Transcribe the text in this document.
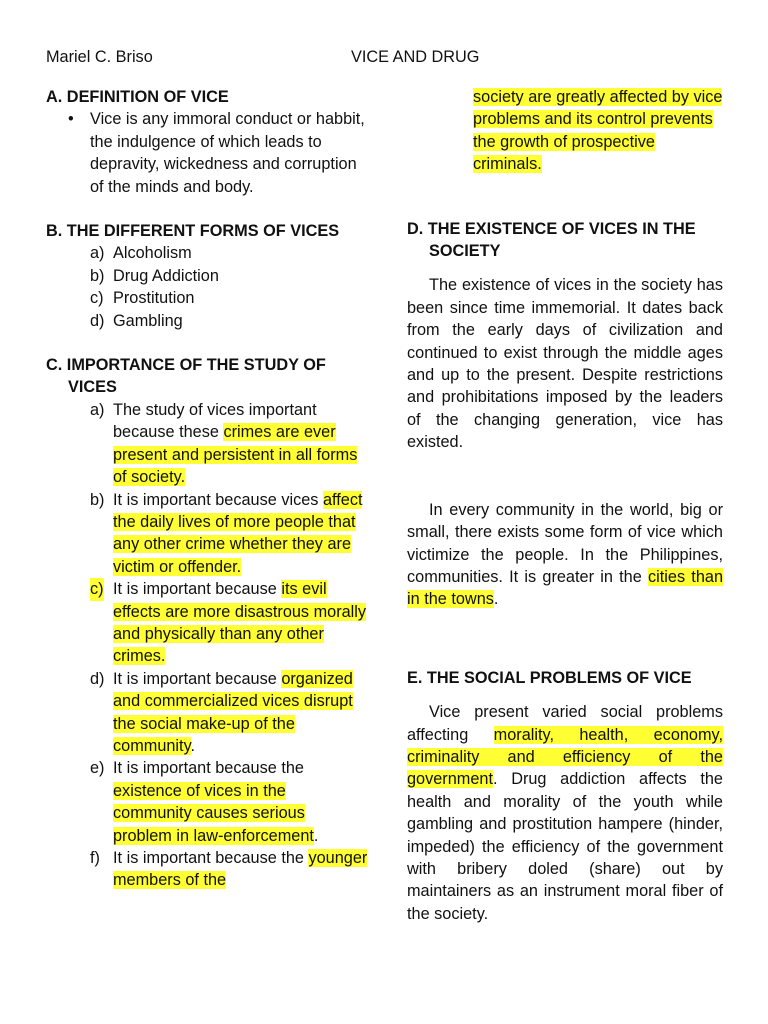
Mariel C. Briso	VICE AND DRUG
A. DEFINITION OF VICE
• Vice is any immoral conduct or habbit, the indulgence of which leads to depravity, wickedness and corruption of the minds and body.
B. THE DIFFERENT FORMS OF VICES
a) Alcoholism
b) Drug Addiction
c) Prostitution
d) Gambling
C. IMPORTANCE OF THE STUDY OF VICES
a) The study of vices important because these crimes are ever present and persistent in all forms of society.
b) It is important because vices affect the daily lives of more people that any other crime whether they are victim or offender.
c) It is important because its evil effects are more disastrous morally and physically than any other crimes.
d) It is important because organized and commercialized vices disrupt the social make-up of the community.
e) It is important because the existence of vices in the community causes serious problem in law-enforcement.
f) It is important because the younger members of the

society are greatly affected by vice problems and its control prevents the growth of prospective criminals.

D. THE EXISTENCE OF VICES IN THE SOCIETY

The existence of vices in the society has been since time immemorial. It dates back from the early days of civilization and continued to exist through the middle ages and up to the present. Despite restrictions and prohibitations imposed by the leaders of the changing generation, vice has existed.

In every community in the world, big or small, there exists some form of vice which victimize the people. In the Philippines, communities. It is greater in the cities than in the towns.

E. THE SOCIAL PROBLEMS OF VICE

Vice present varied social problems affecting morality, health, economy, criminality and efficiency of the government. Drug addiction affects the health and morality of the youth while gambling and prostitution hampere (hinder, impeded) the efficiency of the government with bribery doled (share) out by maintainers as an instrument moral fiber of the society.
